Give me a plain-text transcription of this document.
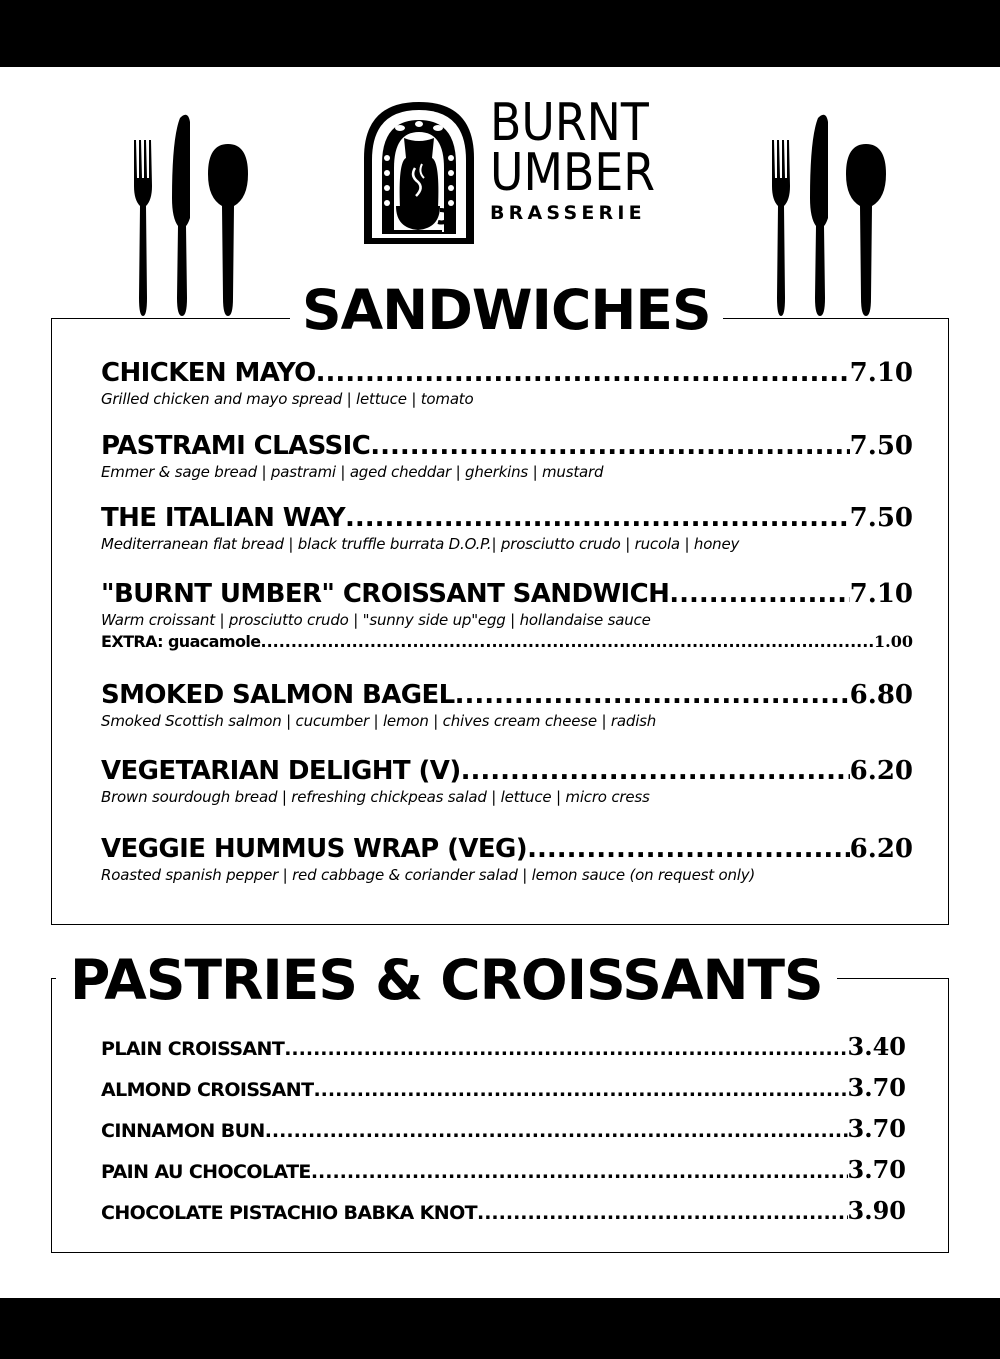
BURNT
UMBER
BRASSERIE
SANDWICHES
CHICKEN MAYO .....	7.10
Grilled chicken and mayo spread | lettuce | tomato
PASTRAMI CLASSIC .....	7.50
Emmer & sage bread | pastrami | aged cheddar | gherkins | mustard
THE ITALIAN WAY .....	7.50
Mediterranean flat bread | black truffle burrata D.O.P.| prosciutto crudo | rucola | honey
"BURNT UMBER" CROISSANT SANDWICH .....	7.10
Warm croissant | prosciutto crudo | "sunny side up"egg | hollandaise sauce
EXTRA: guacamole .....	1.00
SMOKED SALMON BAGEL .....	6.80
Smoked Scottish salmon | cucumber | lemon | chives cream cheese | radish
VEGETARIAN DELIGHT (V) .....	6.20
Brown sourdough bread | refreshing chickpeas salad | lettuce | micro cress
VEGGIE HUMMUS WRAP (VEG) .....	6.20
Roasted spanish pepper | red cabbage & coriander salad | lemon sauce (on request only)
PASTRIES & CROISSANTS
PLAIN CROISSANT .....	3.40
ALMOND CROISSANT .....	3.70
CINNAMON BUN .....	3.70
PAIN AU CHOCOLATE .....	3.70
CHOCOLATE PISTACHIO BABKA KNOT .....	3.90
